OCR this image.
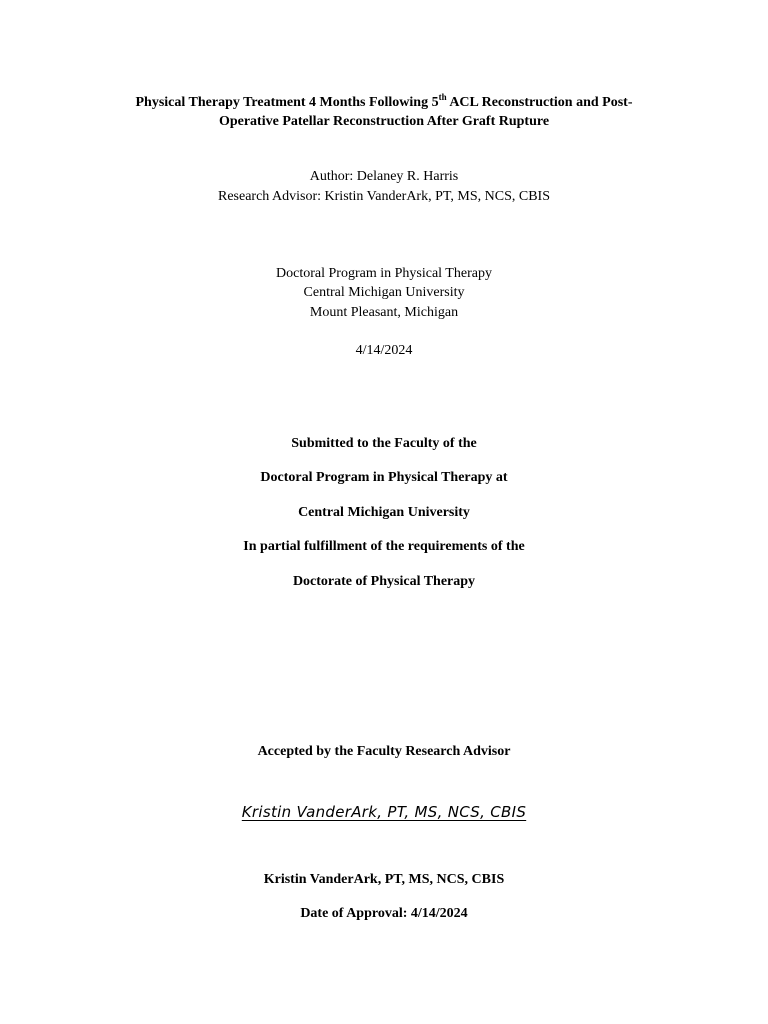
Physical Therapy Treatment 4 Months Following 5th ACL Reconstruction and Post-
Operative Patellar Reconstruction After Graft Rupture
Author: Delaney R. Harris
Research Advisor: Kristin VanderArk, PT, MS, NCS, CBIS
Doctoral Program in Physical Therapy
Central Michigan University
Mount Pleasant, Michigan
4/14/2024
Submitted to the Faculty of the
Doctoral Program in Physical Therapy at
Central Michigan University
In partial fulfillment of the requirements of the
Doctorate of Physical Therapy
Accepted by the Faculty Research Advisor
Kristin VanderArk, PT, MS, NCS, CBIS
Kristin VanderArk, PT, MS, NCS, CBIS
Date of Approval: 4/14/2024
